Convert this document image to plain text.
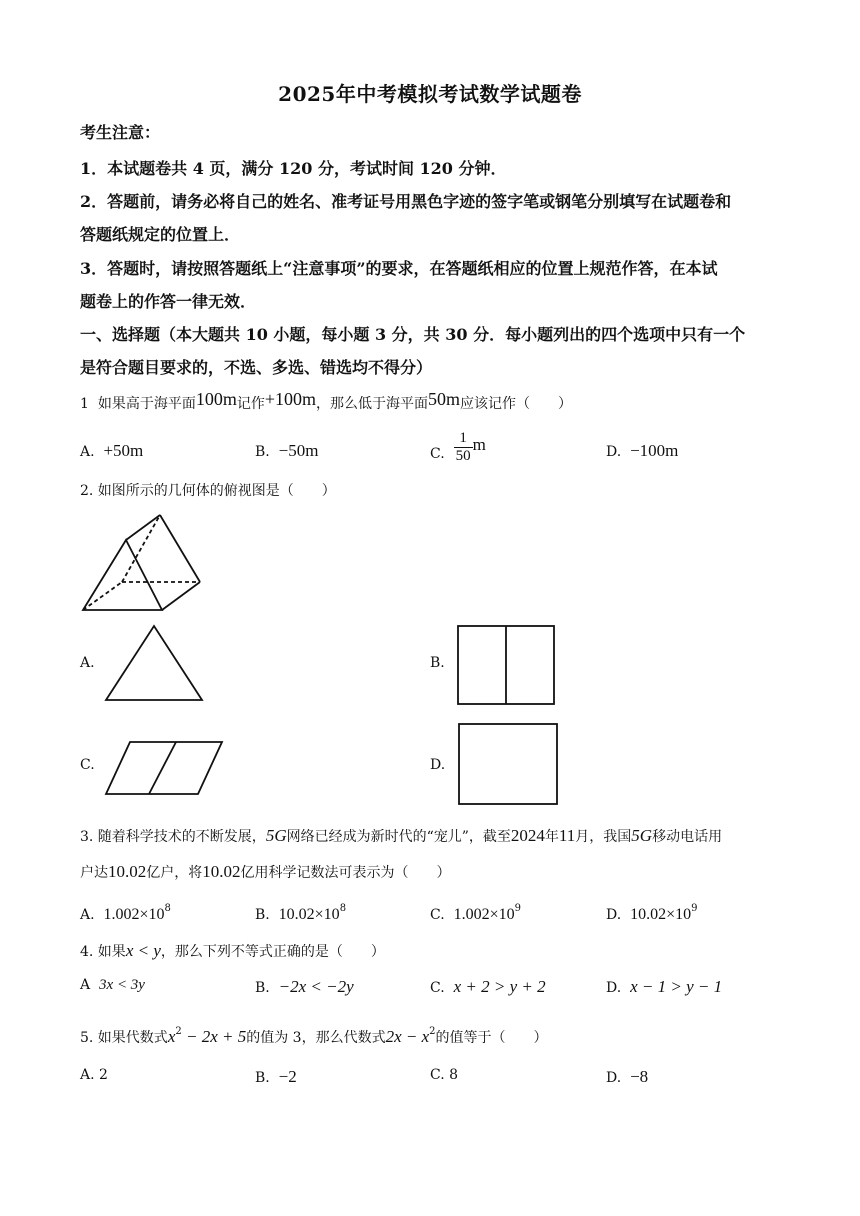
2025年中考模拟考试数学试题卷
考生注意：
1．本试题卷共 4 页，满分 120 分，考试时间 120 分钟．
2．答题前，请务必将自己的姓名、准考证号用黑色字迹的签字笔或钢笔分别填写在试题卷和
答题纸规定的位置上．
3．答题时，请按照答题纸上“注意事项”的要求，在答题纸相应的位置上规范作答，在本试
题卷上的作答一律无效．
一、选择题（本大题共 10 小题，每小题 3 分，共 30 分．每小题列出的四个选项中只有一个
是符合题目要求的，不选、多选、错选均不得分）
1 如果高于海平面100m记作+100m，那么低于海平面50m应该记作（　　）
A. +50m	B. −50m	C. $\frac{1}{50}$ m	D. −100m
2. 如图所示的几何体的俯视图是（　　）
A.	B.
C.	D.
3. 随着科学技术的不断发展，5G网络已经成为新时代的“宠儿”，截至2024年11月，我国5G移动电话用
户达10.02亿户，将10.02亿用科学记数法可表示为（　　）
A. $1.002\times 10^8$	B. $10.02\times 10^8$	C. $1.002\times 10^9$	D. $10.02\times 10^9$
4. 如果x < y，那么下列不等式正确的是（　　）
A 3x < 3y	B. −2x < −2y	C. x + 2 > y + 2	D. x − 1 > y − 1
5. 如果代数式$x^2 - 2x + 5$的值为 3，那么代数式$2x - x^2$的值等于（　　）
A. 2	B. −2	C. 8	D. −8
